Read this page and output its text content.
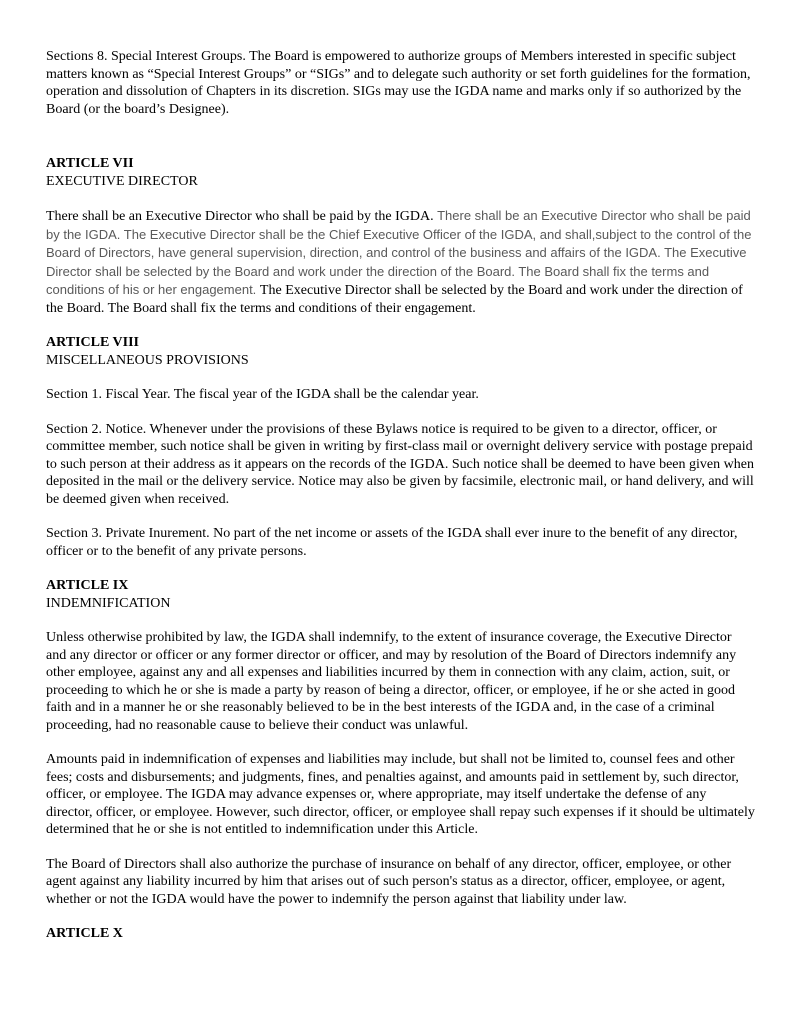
Sections 8. Special Interest Groups. The Board is empowered to authorize groups of Members interested in specific subject matters known as “Special Interest Groups” or “SIGs” and to delegate such authority or set forth guidelines for the formation, operation and dissolution of Chapters in its discretion. SIGs may use the IGDA name and marks only if so authorized by the Board (or the board’s Designee).

ARTICLE VII
EXECUTIVE DIRECTOR

There shall be an Executive Director who shall be paid by the IGDA. There shall be an Executive Director who shall be paid by the IGDA. The Executive Director shall be the Chief Executive Officer of the IGDA, and shall,subject to the control of the Board of Directors, have general supervision, direction, and control of the business and affairs of the IGDA. The Executive Director shall be selected by the Board and work under the direction of the Board. The Board shall fix the terms and conditions of his or her engagement. The Executive Director shall be selected by the Board and work under the direction of the Board. The Board shall fix the terms and conditions of their engagement.

ARTICLE VIII
MISCELLANEOUS PROVISIONS

Section 1. Fiscal Year. The fiscal year of the IGDA shall be the calendar year.

Section 2. Notice. Whenever under the provisions of these Bylaws notice is required to be given to a director, officer, or committee member, such notice shall be given in writing by first-class mail or overnight delivery service with postage prepaid to such person at their address as it appears on the records of the IGDA. Such notice shall be deemed to have been given when deposited in the mail or the delivery service. Notice may also be given by facsimile, electronic mail, or hand delivery, and will be deemed given when received.

Section 3. Private Inurement. No part of the net income or assets of the IGDA shall ever inure to the benefit of any director, officer or to the benefit of any private persons.

ARTICLE IX
INDEMNIFICATION

Unless otherwise prohibited by law, the IGDA shall indemnify, to the extent of insurance coverage, the Executive Director and any director or officer or any former director or officer, and may by resolution of the Board of Directors indemnify any other employee, against any and all expenses and liabilities incurred by them in connection with any claim, action, suit, or proceeding to which he or she is made a party by reason of being a director, officer, or employee, if he or she acted in good faith and in a manner he or she reasonably believed to be in the best interests of the IGDA and, in the case of a criminal proceeding, had no reasonable cause to believe their conduct was unlawful.

Amounts paid in indemnification of expenses and liabilities may include, but shall not be limited to, counsel fees and other fees; costs and disbursements; and judgments, fines, and penalties against, and amounts paid in settlement by, such director, officer, or employee. The IGDA may advance expenses or, where appropriate, may itself undertake the defense of any director, officer, or employee. However, such director, officer, or employee shall repay such expenses if it should be ultimately determined that he or she is not entitled to indemnification under this Article.

The Board of Directors shall also authorize the purchase of insurance on behalf of any director, officer, employee, or other agent against any liability incurred by him that arises out of such person's status as a director, officer, employee, or agent, whether or not the IGDA would have the power to indemnify the person against that liability under law.

ARTICLE X
